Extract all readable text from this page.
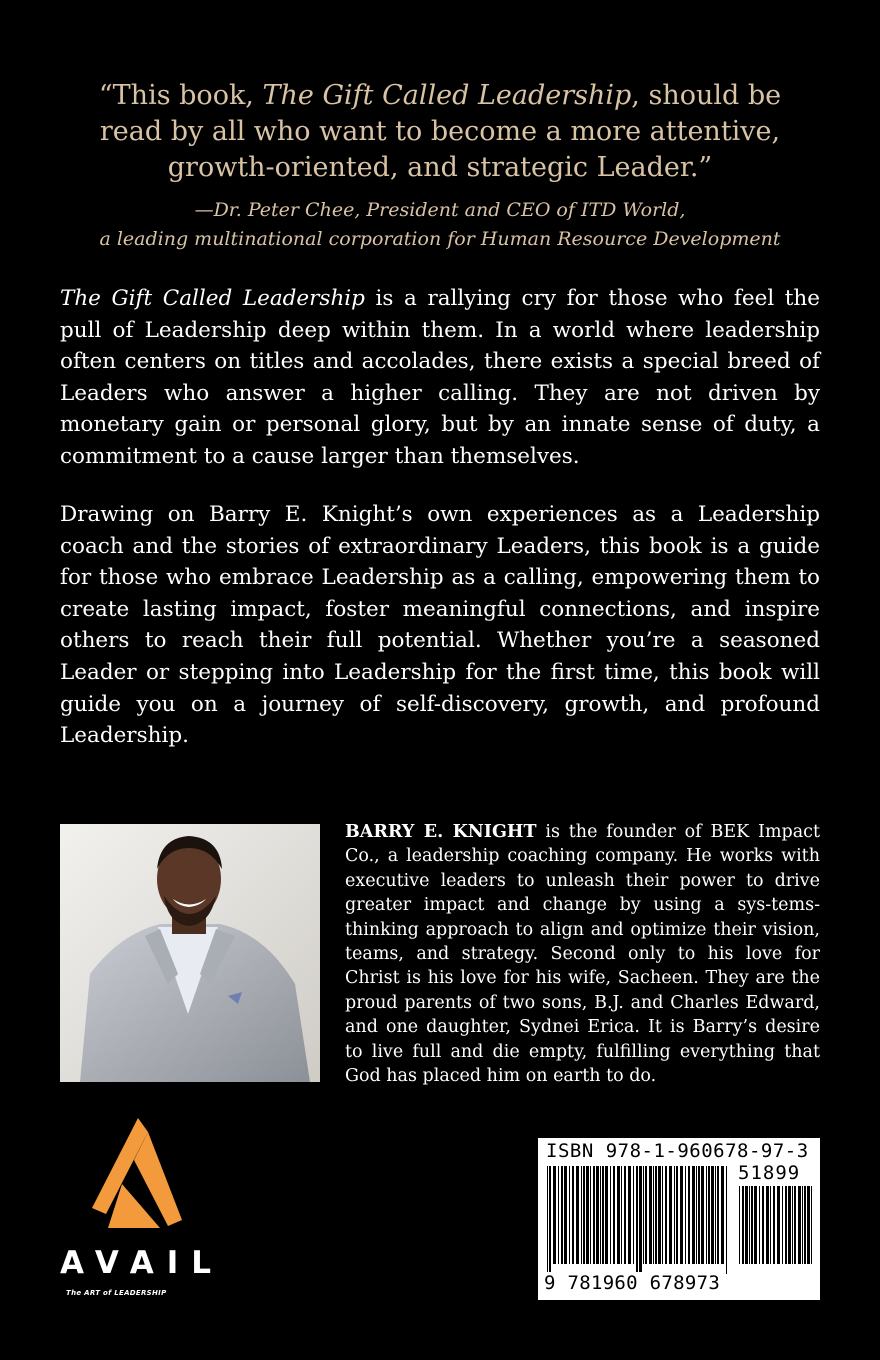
“This book, The Gift Called Leadership, should be
read by all who want to become a more attentive,
growth-oriented, and strategic Leader.”
—Dr. Peter Chee, President and CEO of ITD World,
a leading multinational corporation for Human Resource Development
The Gift Called Leadership is a rallying cry for those who feel the pull of Leadership deep within them. In a world where leadership often centers on titles and accolades, there exists a special breed of Leaders who answer a higher calling. They are not driven by monetary gain or personal glory, but by an innate sense of duty, a commitment to a cause larger than themselves.
Drawing on Barry E. Knight’s own experiences as a Leadership coach and the stories of extraordinary Leaders, this book is a guide for those who embrace Leadership as a calling, empowering them to create lasting impact, foster meaningful connections, and inspire others to reach their full potential. Whether you’re a seasoned Leader or stepping into Leadership for the first time, this book will guide you on a journey of self-discovery, growth, and profound Leadership.
BARRY E. KNIGHT is the founder of BEK Impact Co., a leadership coaching company. He works with executive leaders to unleash their power to drive greater impact and change by using a sys-tems-thinking approach to align and optimize their vision, teams, and strategy. Second only to his love for Christ is his love for his wife, Sacheen. They are the proud parents of two sons, B.J. and Charles Edward, and one daughter, Sydnei Erica. It is Barry’s desire to live full and die empty, fulfilling everything that God has placed him on earth to do.
AVAIL
The ART of LEADERSHIP
ISBN 978-1-960678-97-3
51899
9 781960 678973
